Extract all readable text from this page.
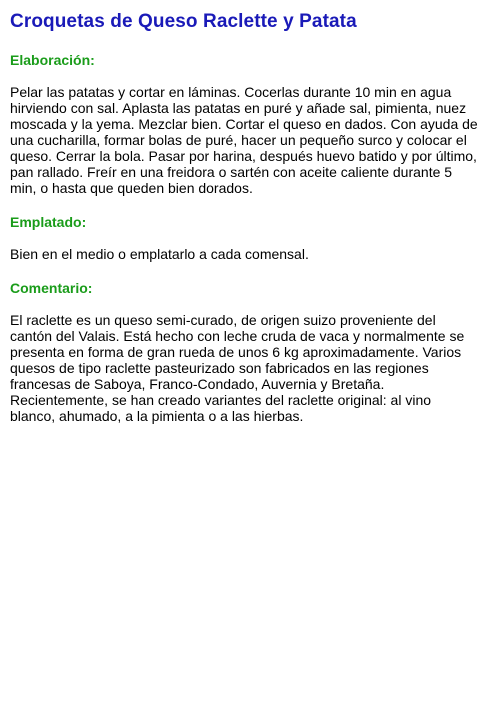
Croquetas de Queso Raclette y Patata
Elaboración:

Pelar las patatas y cortar en láminas. Cocerlas durante 10 min en agua hirviendo con sal. Aplasta las patatas en puré y añade sal, pimienta, nuez moscada y la yema. Mezclar bien. Cortar el queso en dados. Con ayuda de una cucharilla, formar bolas de puré, hacer un pequeño surco y colocar el queso. Cerrar la bola. Pasar por harina, después huevo batido y por último, pan rallado. Freír en una freidora o sartén con aceite caliente durante 5 min, o hasta que queden bien dorados.

Emplatado:

Bien en el medio o emplatarlo a cada comensal.

Comentario:

El raclette es un queso semi-curado, de origen suizo proveniente del cantón del Valais. Está hecho con leche cruda de vaca y normalmente se presenta en forma de gran rueda de unos 6 kg aproximadamente. Varios quesos de tipo raclette pasteurizado son fabricados en las regiones francesas de Saboya, Franco-Condado, Auvernia y Bretaña. Recientemente, se han creado variantes del raclette original: al vino blanco, ahumado, a la pimienta o a las hierbas.
